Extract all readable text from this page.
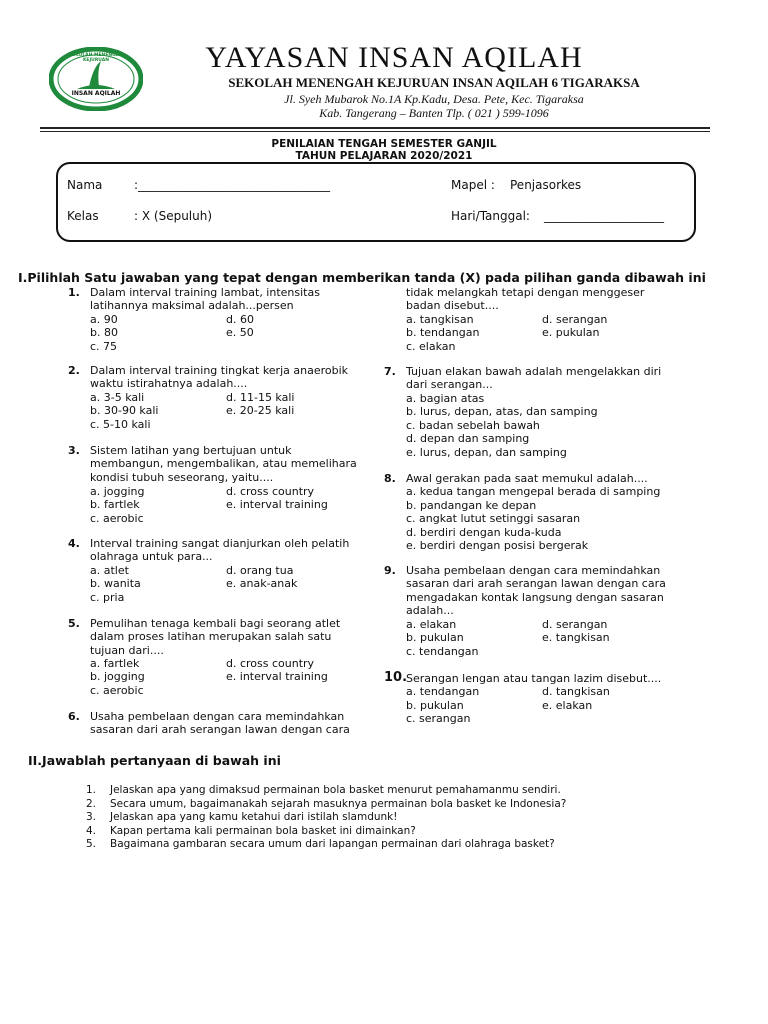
SEKOLAH MENENGAH KEJURUAN
INSAN AQILAH
YAYASAN INSAN AQILAH
SEKOLAH MENENGAH KEJURUAN INSAN AQILAH 6 TIGARAKSA
Jl. Syeh Mubarok No.1A Kp.Kadu, Desa. Pete, Kec. Tigaraksa
Kab. Tangerang – Banten Tlp. ( 021 ) 599-1096
PENILAIAN TENGAH SEMESTER GANJIL
TAHUN PELAJARAN 2020/2021
Nama	:________________________________	Mapel : Penjasorkes
Kelas	: X (Sepuluh)	Hari/Tanggal: ____________________
I.Pilihlah Satu jawaban yang tepat dengan memberikan tanda (X) pada pilihan ganda dibawah ini
1. Dalam interval training lambat, intensitas
latihannya maksimal adalah...persen
a. 90	d. 60
b. 80	e. 50
c. 75
2. Dalam interval training tingkat kerja anaerobik
waktu istirahatnya adalah....
a. 3-5 kali	d. 11-15 kali
b. 30-90 kali	e. 20-25 kali
c. 5-10 kali
3. Sistem latihan yang bertujuan untuk
membangun, mengembalikan, atau memelihara
kondisi tubuh seseorang, yaitu....
a. jogging	d. cross country
b. fartlek	e. interval training
c. aerobic
4. Interval training sangat dianjurkan oleh pelatih
olahraga untuk para...
a. atlet	d. orang tua
b. wanita	e. anak-anak
c. pria
5. Pemulihan tenaga kembali bagi seorang atlet
dalam proses latihan merupakan salah satu
tujuan dari....
a. fartlek	d. cross country
b. jogging	e. interval training
c. aerobic
6. Usaha pembelaan dengan cara memindahkan
sasaran dari arah serangan lawan dengan cara
tidak melangkah tetapi dengan menggeser
badan disebut....
a. tangkisan	d. serangan
b. tendangan	e. pukulan
c. elakan
7. Tujuan elakan bawah adalah mengelakkan diri
dari serangan...
a. bagian atas
b. lurus, depan, atas, dan samping
c. badan sebelah bawah
d. depan dan samping
e. lurus, depan, dan samping
8. Awal gerakan pada saat memukul adalah....
a. kedua tangan mengepal berada di samping
b. pandangan ke depan
c. angkat lutut setinggi sasaran
d. berdiri dengan kuda-kuda
e. berdiri dengan posisi bergerak
9. Usaha pembelaan dengan cara memindahkan
sasaran dari arah serangan lawan dengan cara
mengadakan kontak langsung dengan sasaran
adalah...
a. elakan	d. serangan
b. pukulan	e. tangkisan
c. tendangan
10.
Serangan lengan atau tangan lazim disebut....
a. tendangan	d. tangkisan
b. pukulan	e. elakan
c. serangan
II.Jawablah pertanyaan di bawah ini
1. Jelaskan apa yang dimaksud permainan bola basket menurut pemahamanmu sendiri.
2. Secara umum, bagaimanakah sejarah masuknya permainan bola basket ke Indonesia?
3. Jelaskan apa yang kamu ketahui dari istilah slamdunk!
4. Kapan pertama kali permainan bola basket ini dimainkan?
5. Bagaimana gambaran secara umum dari lapangan permainan dari olahraga basket?
